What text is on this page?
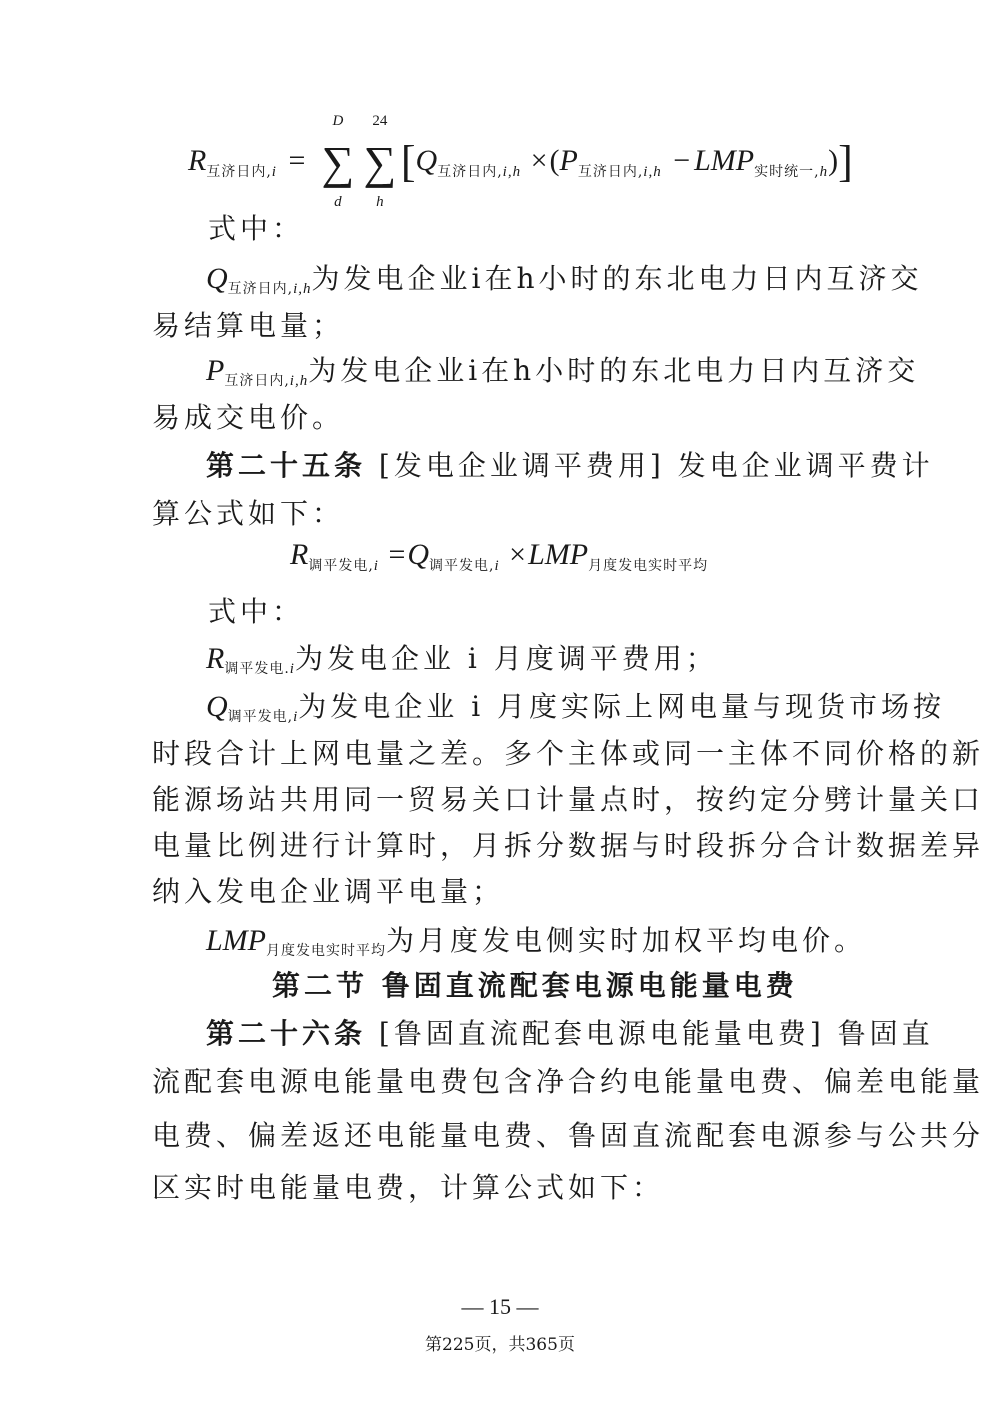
$R_{互济日内,i}$ =
D
∑
d
24
∑
h
$[Q_{互济日内,i,h} \times(P_{互济日内,i,h} - LMP_{实时统一,h})]$
式中：
$Q_{互济日内,i,h}$为发电企业i在h小时的东北电力日内互济交
易结算电量；
$P_{互济日内,i,h}$为发电企业i在h小时的东北电力日内互济交
易成交电价。
第二十五条 [发电企业调平费用] 发电企业调平费计
算公式如下：
$R_{调平发电,i} =Q_{调平发电,i} \times LMP_{月度发电实时平均}$
式中：
$R_{调平发电.i}$为发电企业 i 月度调平费用；
$Q_{调平发电,i}$为发电企业 i 月度实际上网电量与现货市场按
时段合计上网电量之差。多个主体或同一主体不同价格的新
能源场站共用同一贸易关口计量点时，按约定分劈计量关口
电量比例进行计算时，月拆分数据与时段拆分合计数据差异
纳入发电企业调平电量；
$LMP_{月度发电实时平均}$为月度发电侧实时加权平均电价。
第二节 鲁固直流配套电源电能量电费
第二十六条 [鲁固直流配套电源电能量电费] 鲁固直
流配套电源电能量电费包含净合约电能量电费、偏差电能量
电费、偏差返还电能量电费、鲁固直流配套电源参与公共分
区实时电能量电费，计算公式如下：
— 15 —
第225页，共365页
